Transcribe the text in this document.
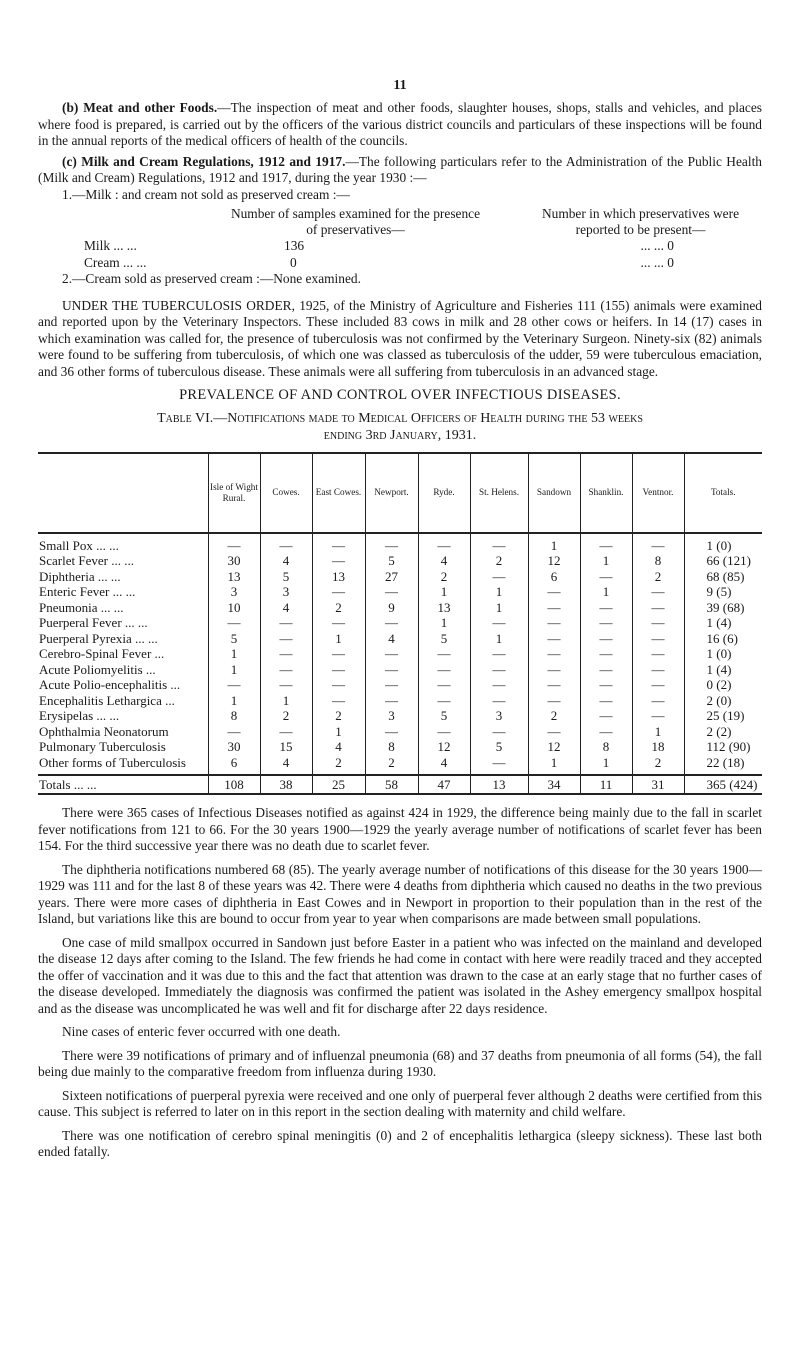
11

(b) Meat and other Foods.—The inspection of meat and other foods, slaughter houses, shops, stalls and vehicles, and places where food is prepared, is carried out by the officers of the various district councils and particulars of these inspections will be found in the annual reports of the medical officers of health of the councils.

(c) Milk and Cream Regulations, 1912 and 1917.—The following particulars refer to the Administration of the Public Health (Milk and Cream) Regulations, 1912 and 1917, during the year 1930 :—

1.—Milk : and cream not sold as preserved cream :—

Number of samples examined for the presence of preservatives—
Number in which preservatives were reported to be present—
Milk ... ...	136	... ... 0
Cream ... ...	0	... ... 0

2.—Cream sold as preserved cream :—None examined.

UNDER THE TUBERCULOSIS ORDER, 1925, of the Ministry of Agriculture and Fisheries 111 (155) animals were examined and reported upon by the Veterinary Inspectors. These included 83 cows in milk and 28 other cows or heifers. In 14 (17) cases in which examination was called for, the presence of tuberculosis was not confirmed by the Veterinary Surgeon. Ninety-six (82) animals were found to be suffering from tuberculosis, of which one was classed as tuberculosis of the udder, 59 were tuberculous emaciation, and 36 other forms of tuberculous disease. These animals were all suffering from tuberculosis in an advanced stage.

PREVALENCE OF AND CONTROL OVER INFECTIOUS DISEASES.
Table VI.—Notifications made to Medical Officers of Health during the 53 weeks
ending 3rd January, 1931.
	Isle of Wight Rural.	Cowes.	East Cowes.	Newport.	Ryde.	St. Helens.	Sandown	Shanklin.	Ventnor.	Totals.
Small Pox ... ...	—	—	—	—	—	—	1	—	—	1 (0)
Scarlet Fever ... ...	30	4	—	5	4	2	12	1	8	66 (121)
Diphtheria ... ...	13	5	13	27	2	—	6	—	2	68 (85)
Enteric Fever ... ...	3	3	—	—	1	1	—	1	—	9 (5)
Pneumonia ... ...	10	4	2	9	13	1	—	—	—	39 (68)
Puerperal Fever ... ...	—	—	—	—	1	—	—	—	—	1 (4)
Puerperal Pyrexia ... ...	5	—	1	4	5	1	—	—	—	16 (6)
Cerebro-Spinal Fever ...	1	—	—	—	—	—	—	—	—	1 (0)
Acute Poliomyelitis ...	1	—	—	—	—	—	—	—	—	1 (4)
Acute Polio-encephalitis ...	—	—	—	—	—	—	—	—	—	0 (2)
Encephalitis Lethargica ...	1	1	—	—	—	—	—	—	—	2 (0)
Erysipelas ... ...	8	2	2	3	5	3	2	—	—	25 (19)
Ophthalmia Neonatorum	—	—	1	—	—	—	—	—	1	2 (2)
Pulmonary Tuberculosis	30	15	4	8	12	5	12	8	18	112 (90)
Other forms of Tuberculosis	6	4	2	2	4	—	1	1	2	22 (18)
Totals ... ...	108	38	25	58	47	13	34	11	31	365 (424)

There were 365 cases of Infectious Diseases notified as against 424 in 1929, the difference being mainly due to the fall in scarlet fever notifications from 121 to 66. For the 30 years 1900—1929 the yearly average number of notifications of scarlet fever has been 154. For the third successive year there was no death due to scarlet fever.

The diphtheria notifications numbered 68 (85). The yearly average number of notifications of this disease for the 30 years 1900—1929 was 111 and for the last 8 of these years was 42. There were 4 deaths from diphtheria which caused no deaths in the two previous years. There were more cases of diphtheria in East Cowes and in Newport in proportion to their population than in the rest of the Island, but variations like this are bound to occur from year to year when comparisons are made between small populations.

One case of mild smallpox occurred in Sandown just before Easter in a patient who was infected on the mainland and developed the disease 12 days after coming to the Island. The few friends he had come in contact with here were readily traced and they accepted the offer of vaccination and it was due to this and the fact that attention was drawn to the case at an early stage that no further cases of the disease developed. Immediately the diagnosis was confirmed the patient was isolated in the Ashey emergency smallpox hospital and as the disease was uncomplicated he was well and fit for discharge after 22 days residence.

Nine cases of enteric fever occurred with one death.

There were 39 notifications of primary and of influenzal pneumonia (68) and 37 deaths from pneumonia of all forms (54), the fall being due mainly to the comparative freedom from influenza during 1930.

Sixteen notifications of puerperal pyrexia were received and one only of puerperal fever although 2 deaths were certified from this cause. This subject is referred to later on in this report in the section dealing with maternity and child welfare.

There was one notification of cerebro spinal meningitis (0) and 2 of encephalitis lethargica (sleepy sickness). These last both ended fatally.
